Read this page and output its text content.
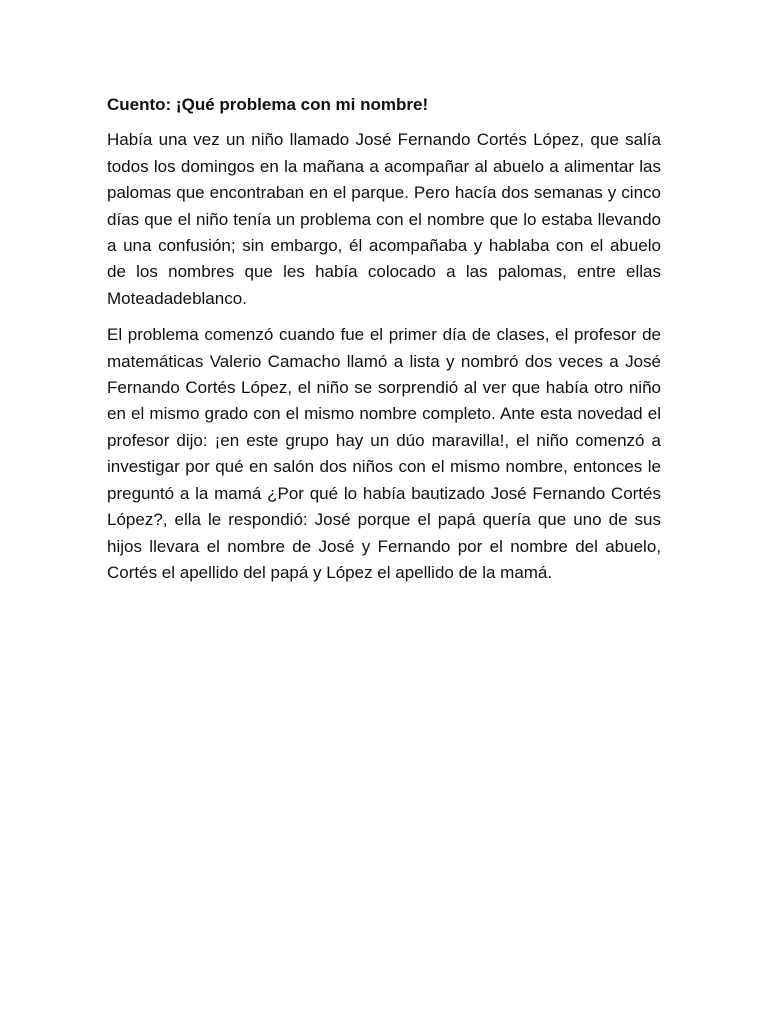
Cuento: ¡Qué problema con mi nombre!

Había una vez un niño llamado José Fernando Cortés López, que salía todos los domingos en la mañana a acompañar al abuelo a alimentar las palomas que encontraban en el parque. Pero hacía dos semanas y cinco días que el niño tenía un problema con el nombre que lo estaba llevando a una confusión; sin embargo, él acompañaba y hablaba con el abuelo de los nombres que les había colocado a las palomas, entre ellas Moteadadeblanco.

El problema comenzó cuando fue el primer día de clases, el profesor de matemáticas Valerio Camacho llamó a lista y nombró dos veces a José Fernando Cortés López, el niño se sorprendió al ver que había otro niño en el mismo grado con el mismo nombre completo. Ante esta novedad el profesor dijo: ¡en este grupo hay un dúo maravilla!, el niño comenzó a investigar por qué en salón dos niños con el mismo nombre, entonces le preguntó a la mamá ¿Por qué lo había bautizado José Fernando Cortés López?, ella le respondió: José porque el papá quería que uno de sus hijos llevara el nombre de José y Fernando por el nombre del abuelo, Cortés el apellido del papá y López el apellido de la mamá.
